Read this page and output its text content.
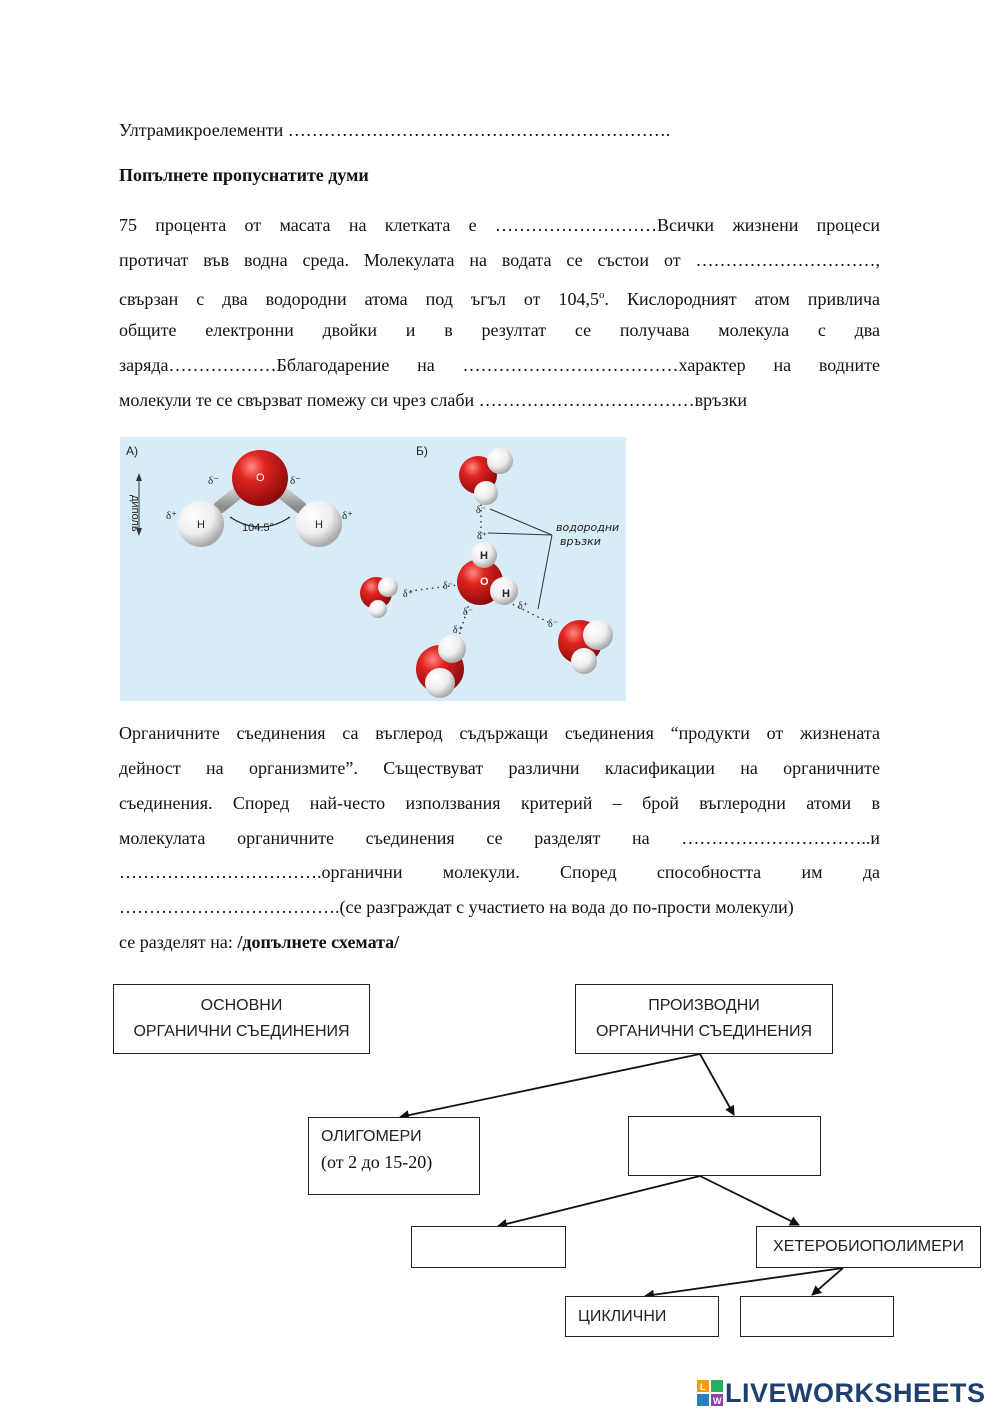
Ултрамикроелементи ……………………………………………………….
Попълнете пропуснатите думи
75 процента от масата на клетката е ………………………Всички жизнени процеси
протичат във водна среда. Молекулата на водата се състои от …………………………,
свързан с два водородни атома под ъгъл от $104,5^о$. Кислородният атом привлича
общите електронни двойки и в резултат се получава молекула с два
заряда………………Бблагодарение на ………………………………характер на водните
молекули те се свързват помежу си чрез слаби ………………………………връзки
А)
диполь
O
H	H
104.5°
δ⁻	δ⁻
δ⁺	δ⁺
Б)
водородни
връзки
H
O
H
δ⁻
δ⁺
δ⁺
δ⁻
δ⁻
δ⁺
δ⁺
δ⁻
Органичните съединения са въглерод съдържащи съединения “продукти от жизнената
дейност на организмите”. Съществуват различни класификации на органичните
съединения. Според най-често използвания критерий – брой въглеродни атоми в
молекулата органичните съединения се разделят на …………………………..и
…………………………….органични молекули. Според способността им да
……………………………….(се разграждат с участието на вода до по-прости молекули)
се разделят на: /допълнете схемата/
ОСНОВНИ
ОРГАНИЧНИ СЪЕДИНЕНИЯ
ПРОИЗВОДНИ
ОРГАНИЧНИ СЪЕДИНЕНИЯ
ОЛИГОМЕРИ
(от 2 до 15-20)
ХЕТЕРОБИОПОЛИМЕРИ
ЦИКЛИЧНИ
L
W LIVEWORKSHEETS
